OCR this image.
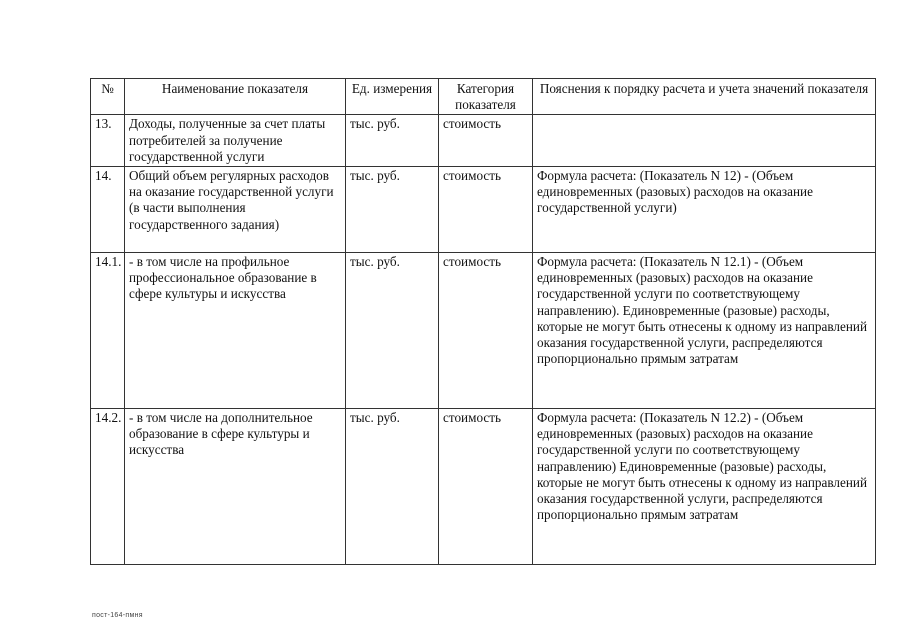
№	Наименование показателя	Ед. измерения	Категория показателя	Пояснения к порядку расчета и учета значений показателя
13.	Доходы, полученные за счет платы потребителей за получение государственной услуги	тыс. руб.	стоимость	
14.	Общий объем регулярных расходов на оказание государственной услуги (в части выполнения государственного задания)	тыс. руб.	стоимость	Формула расчета: (Показатель N 12) - (Объем единовременных (разовых) расходов на оказание государственной услуги)
14.1.	- в том числе на профильное профессиональное образование в сфере культуры и искусства	тыс. руб.	стоимость	Формула расчета: (Показатель N 12.1) - (Объем единовременных (разовых) расходов на оказание государственной услуги по соответствующему направлению). Единовременные (разовые) расходы, которые не могут быть отнесены к одному из направлений оказания государственной услуги, распределяются пропорционально прямым затратам
14.2.	- в том числе на дополнительное образование в сфере культуры и искусства	тыс. руб.	стоимость	Формула расчета: (Показатель N 12.2) - (Объем единовременных (разовых) расходов на оказание государственной услуги по соответствующему направлению) Единовременные (разовые) расходы, которые не могут быть отнесены к одному из направлений оказания государственной услуги, распределяются пропорционально прямым затратам
пост-164-пмня
